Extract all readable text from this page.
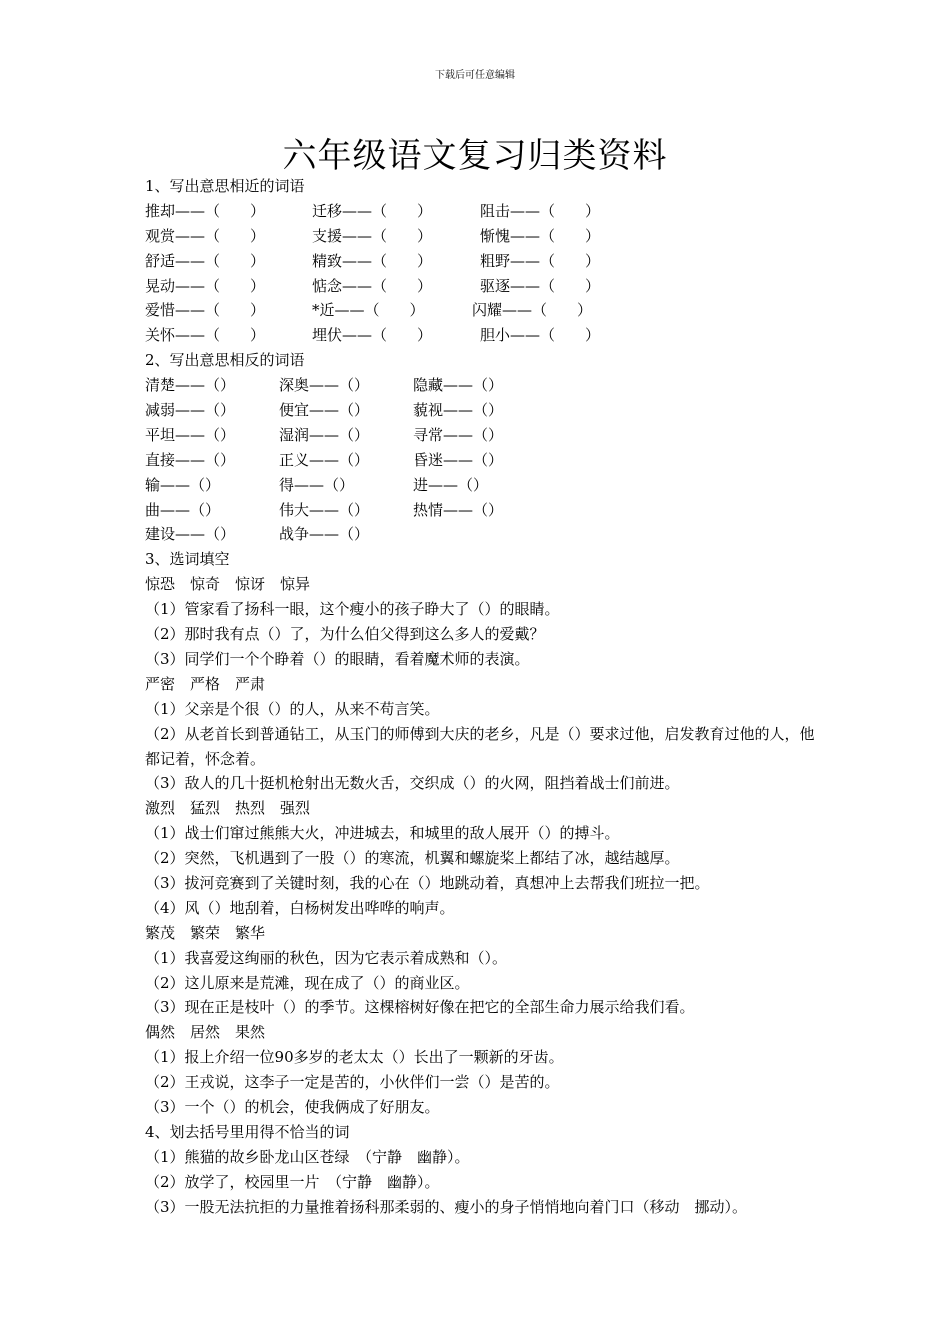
下载后可任意编辑
六年级语文复习归类资料
1、写出意思相近的词语
推却——（　　）	迁移——（　　）	阻击——（　　）
观赏——（　　）	支援——（　　）	惭愧——（　　）
舒适——（　　）	精致——（　　）	粗野——（　　）
晃动——（　　）	惦念——（　　）	驱逐——（　　）
爱惜——（　　）	*近——（　　）	闪耀——（　　）
关怀——（　　）	埋伏——（　　）	胆小——（　　）
2、写出意思相反的词语
清楚——（）	深奥——（）	隐藏——（）
减弱——（）	便宜——（）	藐视——（）
平坦——（）	湿润——（）	寻常——（）
直接——（）	正义——（）	昏迷——（）
输——（）	得——（）	进——（）
曲——（）	伟大——（）	热情——（）
建设——（）	战争——（）
3、选词填空
惊恐　惊奇　惊讶　惊异
（1）管家看了扬科一眼，这个瘦小的孩子睁大了（）的眼睛。
（2）那时我有点（）了，为什么伯父得到这么多人的爱戴？
（3）同学们一个个睁着（）的眼睛，看着魔术师的表演。
严密　严格　严肃
（1）父亲是个很（）的人，从来不苟言笑。
（2）从老首长到普通钻工，从玉门的师傅到大庆的老乡，凡是（）要求过他，启发教育过他的人，他都记着，怀念着。
（3）敌人的几十挺机枪射出无数火舌，交织成（）的火网，阻挡着战士们前进。
激烈　猛烈　热烈　强烈
（1）战士们窜过熊熊大火，冲进城去，和城里的敌人展开（）的搏斗。
（2）突然，飞机遇到了一股（）的寒流，机翼和螺旋桨上都结了冰，越结越厚。
（3）拔河竞赛到了关键时刻，我的心在（）地跳动着，真想冲上去帮我们班拉一把。
（4）风（）地刮着，白杨树发出哗哗的响声。
繁茂　繁荣　繁华
（1）我喜爱这绚丽的秋色，因为它表示着成熟和（）。
（2）这儿原来是荒滩，现在成了（）的商业区。
（3）现在正是枝叶（）的季节。这棵榕树好像在把它的全部生命力展示给我们看。
偶然　居然　果然
（1）报上介绍一位90多岁的老太太（）长出了一颗新的牙齿。
（2）王戎说，这李子一定是苦的，小伙伴们一尝（）是苦的。
（3）一个（）的机会，使我俩成了好朋友。
4、划去括号里用得不恰当的词
（1）熊猫的故乡卧龙山区苍绿　（宁静　幽静）。
（2）放学了，校园里一片　（宁静　幽静）。
（3）一股无法抗拒的力量推着扬科那柔弱的、瘦小的身子悄悄地向着门口（移动　挪动）。
